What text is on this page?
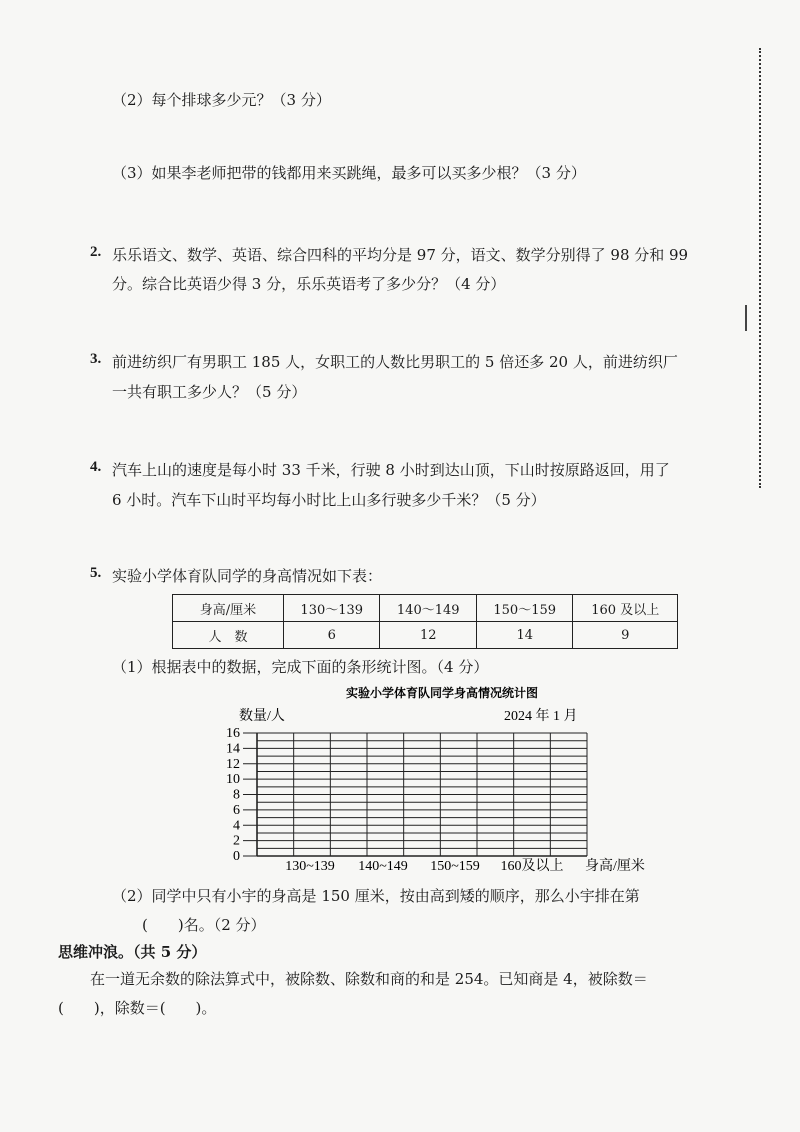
（2）每个排球多少元？（3 分）
（3）如果李老师把带的钱都用来买跳绳，最多可以买多少根？（3 分）
2. 乐乐语文、数学、英语、综合四科的平均分是 97 分，语文、数学分别得了 98 分和 99
分。综合比英语少得 3 分，乐乐英语考了多少分？（4 分）
3. 前进纺织厂有男职工 185 人，女职工的人数比男职工的 5 倍还多 20 人，前进纺织厂
一共有职工多少人？（5 分）
4. 汽车上山的速度是每小时 33 千米，行驶 8 小时到达山顶，下山时按原路返回，用了
6 小时。汽车下山时平均每小时比上山多行驶多少千米？（5 分）
5. 实验小学体育队同学的身高情况如下表：
身高/厘米	130～139	140～149	150～159	160 及以上
人　数	6	12	14	9
（1）根据表中的数据，完成下面的条形统计图。（4 分）
实验小学体育队同学身高情况统计图
数量/人	2024 年 1 月
身高/厘米
0
2
4
6
8
10
12
14
16
130~139 140~149 150~159 160及以上
（2）同学中只有小宇的身高是 150 厘米，按由高到矮的顺序，那么小宇排在第
(　　)名。（2 分）
思维冲浪。（共 5 分）
在一道无余数的除法算式中，被除数、除数和商的和是 254。已知商是 4，被除数＝
(　　)，除数＝(　　)。
